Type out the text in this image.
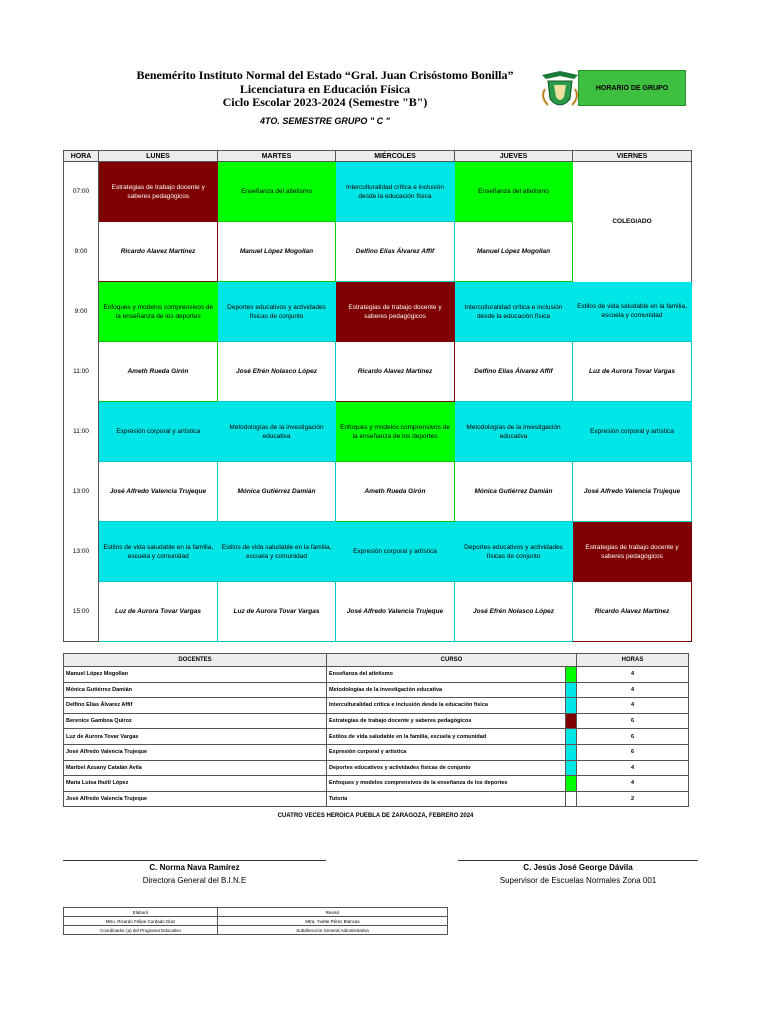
Benemérito Instituto Normal del Estado “Gral. Juan Crisóstomo Bonilla”
Licenciatura en Educación Física
Ciclo Escolar 2023-2024 (Semestre "B")
4TO. SEMESTRE GRUPO " C "
HORARIO DE GRUPO
HORA	LUNES	MARTES	MIÉRCOLES	JUEVES	VIERNES
07:00	Estrategias de trabajo docente y saberes pedagógicos	Enseñanza del atletismo	Interculturalidad crítica e inclusión desde la educación física	Enseñanza del atletismo	COLEGIADO
9:00	Ricardo Alavez Martínez	Manuel López Mogollan	Delfino Elías Álvarez Affif	Manuel López Mogollan	
9:00	Enfoques y modelos comprensivos de la enseñanza de los deportes	Deportes educativos y actividades físicas de conjunto	Estrategias de trabajo docente y saberes pedagógicos	Interculturalidad crítica e inclusión desde la educación física	Estilos de vida saludable en la familia, escuela y comunidad
11:00	Ameth Rueda Girón	José Efrén Nolasco López	Ricardo Alavez Martínez	Delfino Elías Álvarez Affif	Luz de Aurora Tovar Vargas
11:00	Expresión corporal y artística	Metodologías de la investigación educativa	Enfoques y modelos comprensivos de la enseñanza de los deportes	Metodologías de la investigación educativa	Expresión corporal y artística
13:00	José Alfredo Valencia Trujeque	Mónica Gutiérrez Damián	Ameth Rueda Girón	Mónica Gutiérrez Damián	José Alfredo Valencia Trujeque
13:00	Estilos de vida saludable en la familia, escuela y comunidad	Estilos de vida saludable en la familia, escuela y comunidad	Expresión corporal y artística	Deportes educativos y actividades físicas de conjunto	Estrategias de trabajo docente y saberes pedagógicos
15:00	Luz de Aurora Tovar Vargas	Luz de Aurora Tovar Vargas	José Alfredo Valencia Trujeque	José Efrén Nolasco López	Ricardo Alavez Martínez
DOCENTES	CURSO		HORAS
Manuel López Mogollan	Enseñanza del atletismo		4
Mónica Gutiérrez Damián	Metodologías de la investigación educativa		4
Delfino Elías Álvarez Affif	Interculturalidad crítica e inclusión desde la educación física		4
Berenice Gamboa Quiroz	Estrategias de trabajo docente y saberes pedagógicos		6
Luz de Aurora Tovar Vargas	Estilos de vida saludable en la familia, escuela y comunidad		6
José Alfredo Valencia Trujeque	Expresión corporal y artística		6
Maribel Azuany Catalán Avila	Deportes educativos y actividades físicas de conjunto		4
María Luisa Ihuitl López	Enfoques y modelos comprensivos de la enseñanza de los deportes		4
José Alfredo Valencia Trujeque	Tutoría		2
CUATRO VECES HEROICA PUEBLA DE ZARAGOZA, FEBRERO 2024
C. Norma Nava Ramírez
Directora General del B.I.N.E
C. Jesús José George Dávila
Supervisor de Escuelas Normales Zona 001
Elaboró	Revisó
Mtro. Ricardo Felipe Cordado Díaz	Mtra. Yvette Pérez Blancas
Coordinador (a) del Programa Educativo	Subdirección General Administrativa
